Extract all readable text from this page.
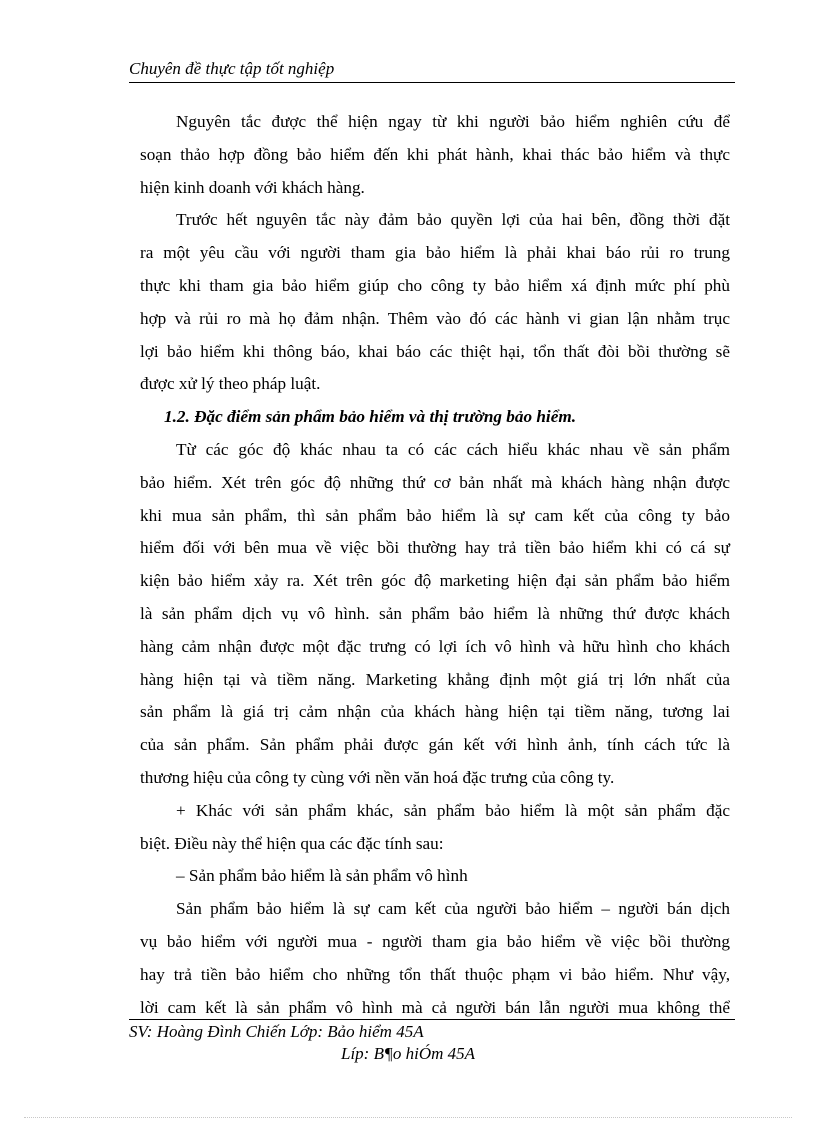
Chuyên đề thực tập tốt nghiệp
Nguyên tắc được thể hiện ngay từ khi người bảo hiểm nghiên cứu để
soạn thảo hợp đồng bảo hiểm đến khi phát hành, khai thác bảo hiểm và thực
hiện kinh doanh với khách hàng.
Trước hết nguyên tắc này đảm bảo quyền lợi của hai bên, đồng thời đặt
ra một yêu cầu với người tham gia bảo hiểm là phải khai báo rủi ro trung
thực khi tham gia bảo hiểm giúp cho công ty bảo hiểm xá định mức phí phù
hợp và rủi ro mà họ đảm nhận. Thêm vào đó các hành vi gian lận nhằm trục
lợi bảo hiểm khi thông báo, khai báo các thiệt hại, tổn thất đòi bồi thường sẽ
được xử lý theo pháp luật.
1.2. Đặc điểm sản phẩm bảo hiểm và thị trường bảo hiểm.
Từ các góc độ khác nhau ta có các cách hiểu khác nhau về sản phẩm
bảo hiểm. Xét trên góc độ những thứ cơ bản nhất mà khách hàng nhận được
khi mua sản phẩm, thì sản phẩm bảo hiểm là sự cam kết của công ty bảo
hiểm đối với bên mua về việc bồi thường hay trả tiền bảo hiểm khi có cá sự
kiện bảo hiểm xảy ra. Xét trên góc độ marketing hiện đại sản phẩm bảo hiểm
là sản phẩm dịch vụ vô hình. sản phẩm bảo hiểm là những thứ được khách
hàng cảm nhận được một đặc trưng có lợi ích vô hình và hữu hình cho khách
hàng hiện tại và tiềm năng. Marketing khẳng định một giá trị lớn nhất của
sản phẩm là giá trị cảm nhận của khách hàng hiện tại tiềm năng, tương lai
của sản phẩm. Sản phẩm phải được gán kết với hình ảnh, tính cách tức là
thương hiệu của công ty cùng với nền văn hoá đặc trưng của công ty.
+ Khác với sản phẩm khác, sản phẩm bảo hiểm là một sản phẩm đặc
biệt. Điều này thể hiện qua các đặc tính sau:
– Sản phẩm bảo hiểm là sản phẩm vô hình
Sản phẩm bảo hiểm là sự cam kết của người bảo hiểm – người bán dịch
vụ bảo hiểm với người mua - người tham gia bảo hiểm về việc bồi thường
hay trả tiền bảo hiểm cho những tổn thất thuộc phạm vi bảo hiểm. Như vậy,
lời cam kết là sản phẩm vô hình mà cả người bán lẫn người mua không thể
SV: Hoàng Đình Chiến Lớp: Bảo hiểm 45A
Líp: B¶o hiÓm 45A
